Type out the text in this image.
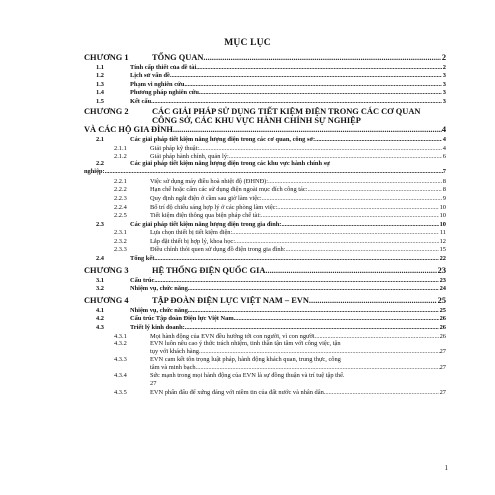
MỤC LỤC
CHƯƠNG 1	TỔNG QUAN .....	2
1.1	Tính cấp thiết của đề tài .....	2
1.2	Lịch sử vấn đề .....	3
1.3	Phạm vi nghiên cứu .....	3
1.4	Phương pháp nghiên cứu .....	3
1.5	Kết cấu .....	3
CHƯƠNG 2	CÁC GIẢI PHÁP SỬ DỤNG TIẾT KIỆM ĐIỆN TRONG CÁC CƠ QUAN CÔNG SỞ, CÁC KHU VỰC HÀNH CHÍNH SỰ NGHIỆP
VÀ CÁC HỘ GIA ĐÌNH .....	4
2.1	Các giải pháp tiết kiệm năng lượng điện trong các cơ quan, công sở: .....	4
2.1.1	Giải pháp kỹ thuật: .....	4
2.1.2	Giải pháp hành chính, quản lý: .....	6
2.2	Các giải pháp tiết kiệm năng lượng điện trong các khu vực hành chính sự
nghiệp: .....	7
2.2.1	Việc sử dụng máy điều hoà nhiệt độ (ĐHNĐ): .....	8
2.2.2	Hạn chế hoặc cấm các sử dụng điện ngoài mục đích công tác: .....	8
2.2.3	Quy định ngắt điện ở cầm sau giờ làm việc: .....	9
2.2.4	Bố trí độ chiếu sáng hợp lý ở các phòng làm việc: .....	10
2.2.5	Tiết kiệm điện thông qua biện pháp chế tài: .....	10
2.3	Các giải pháp tiết kiệm năng lượng điện trong gia đình: .....	10
2.3.1	Lựa chọn thiết bị tiết kiệm điện: .....	11
2.3.2	Lắp đặt thiết bị hợp lý, khoa học: .....	12
2.3.3	Điều chỉnh thói quen sử dụng đồ điện trong gia đình: .....	15
2.4	Tổng kết .....	22
CHƯƠNG 3	HỆ THỐNG ĐIỆN QUỐC GIA .....	23
3.1	Cấu trúc .....	23
3.2	Nhiệm vụ, chức năng .....	24
CHƯƠNG 4	TẬP ĐOÀN ĐIỆN LỰC VIỆT NAM – EVN .....	25
4.1	Nhiệm vụ, chức năng .....	25
4.2	Cấu trúc Tập đoàn Điện lực Việt Nam .....	26
4.3	Triết lý kinh doanh: .....	26
4.3.1	Mọi hành động của EVN đều hướng tới con người, vì con người. .....	26
4.3.2	EVN luôn nêu cao ý thức trách nhiệm, tinh thần tận tâm với công việc, tận
tụy với khách hàng .....	27
4.3.3	EVN cam kết tôn trọng luật pháp, hành động khách quan, trung thực, công
tâm và minh bạch .....	27
4.3.4	Sức mạnh trong mọi hành động của EVN là sự đồng thuận và trí tuệ tập thể.
27
4.3.5	EVN phấn đấu để xứng đáng với niềm tin của đất nước và nhân dân. .....	27
1
